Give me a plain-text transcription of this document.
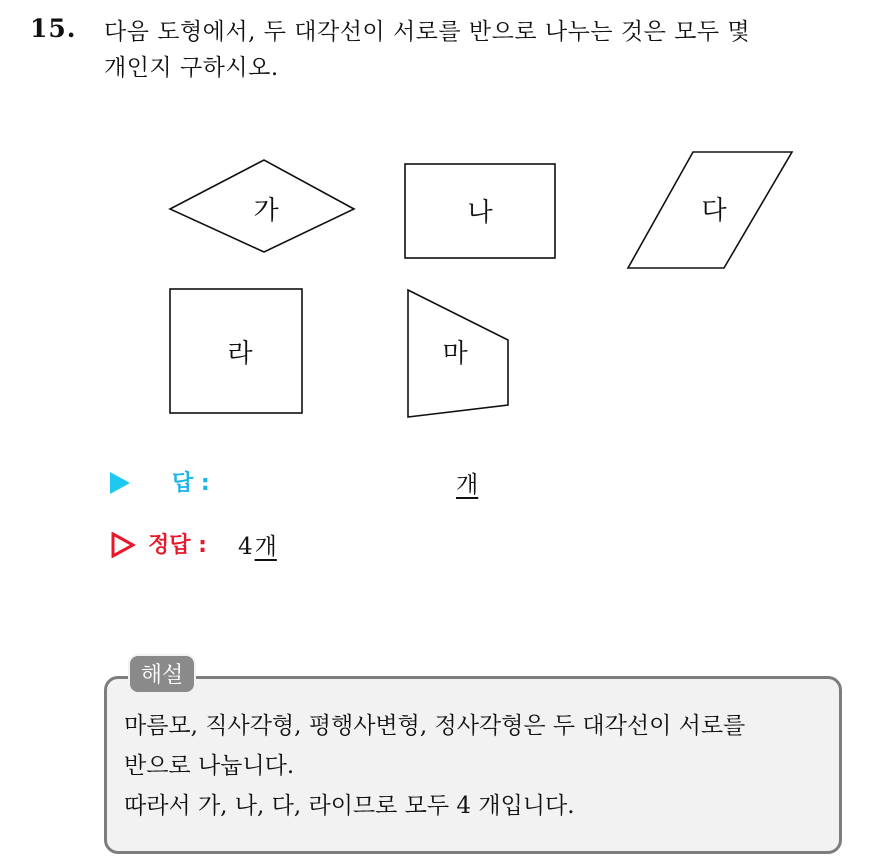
15. 다음 도형에서, 두 대각선이 서로를 반으로 나누는 것은 모두 몇
개인지 구하시오.
가	나	다
라	마
답 :	개
정답 : 4개
해설
마름모, 직사각형, 평행사변형, 정사각형은 두 대각선이 서로를
반으로 나눕니다.
따라서 가, 나, 다, 라이므로 모두 4 개입니다.
